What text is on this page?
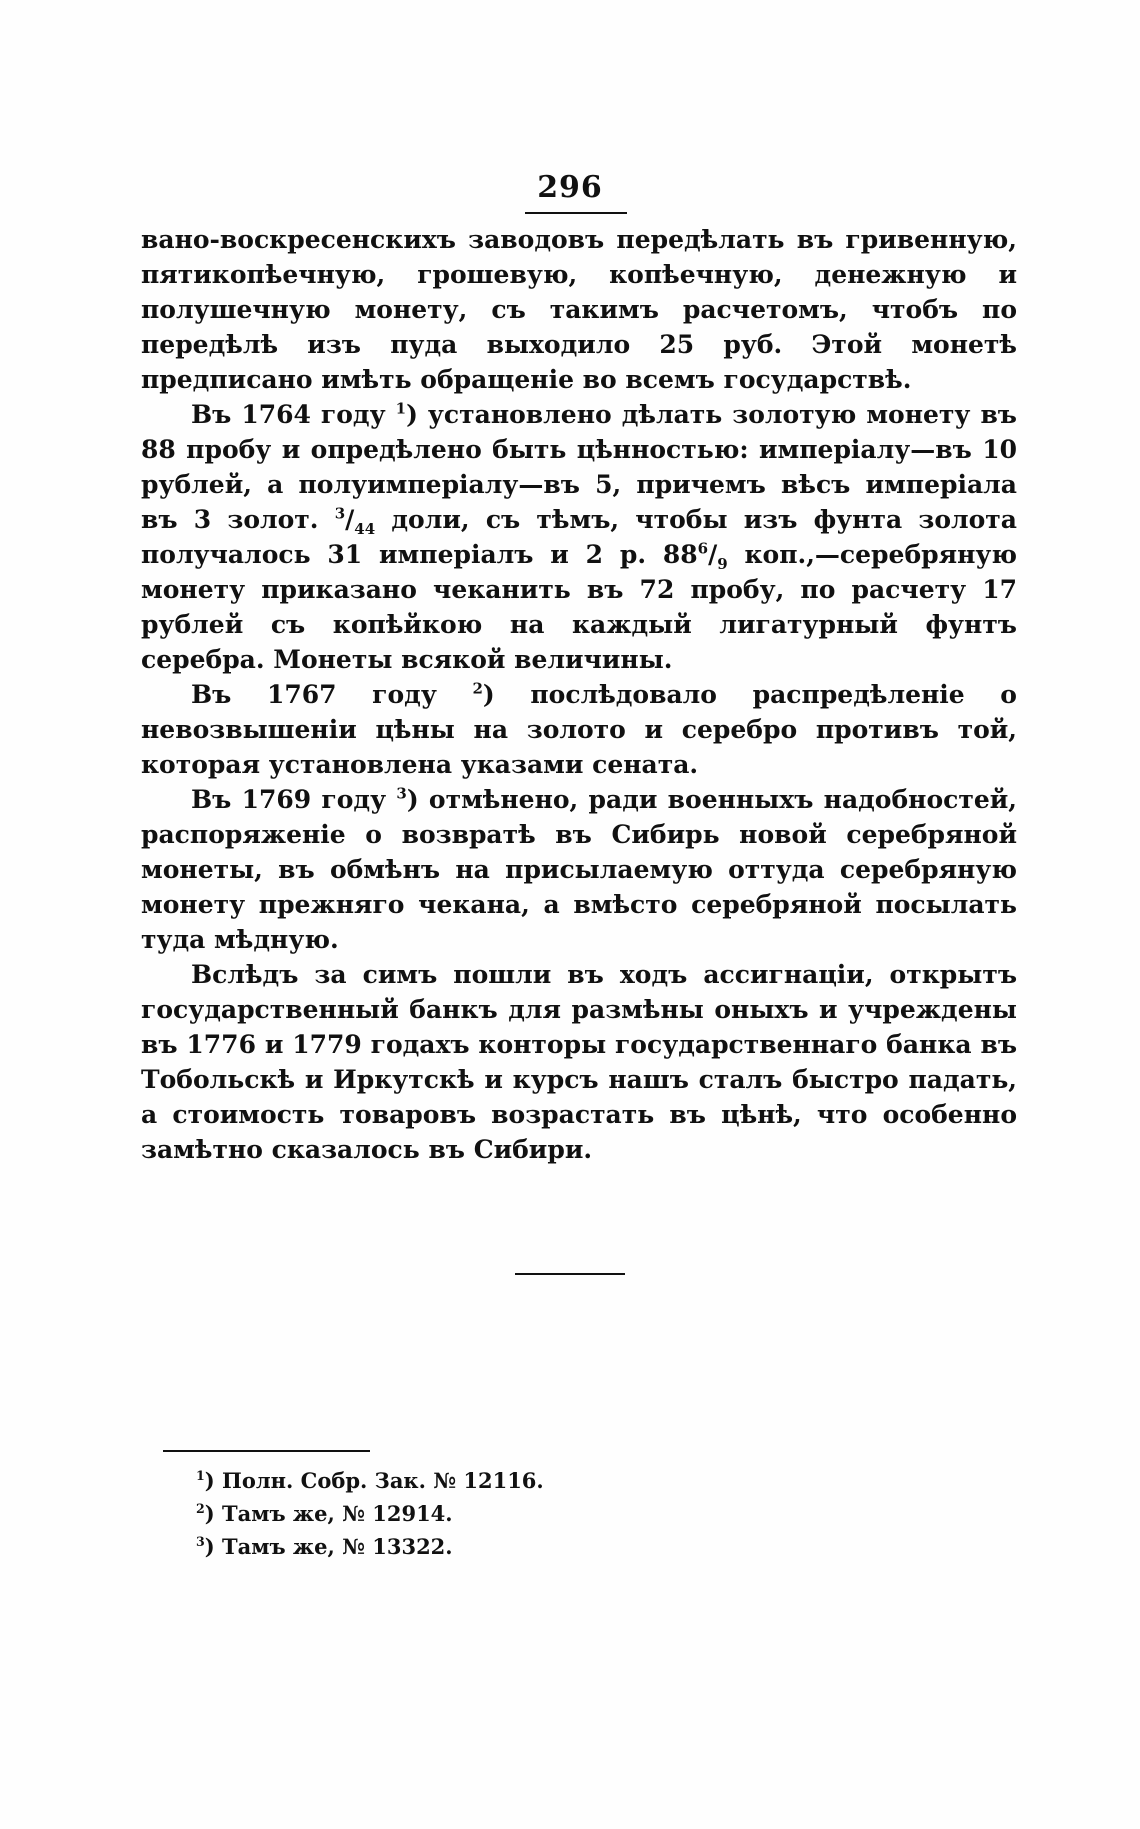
296

вано-воскресенскихъ заводовъ передѣлать въ гривенную, пятикопѣечную, грошевую, копѣечную, денежную и полушечную монету, съ такимъ расчетомъ, чтобъ по передѣлѣ изъ пуда выходило 25 руб. Этой монетѣ предписано имѣть обращеніе во всемъ государствѣ.

Въ 1764 году $^1$) установлено дѣлать золотую монету въ 88 пробу и опредѣлено быть цѣнностью: имперіалу—въ 10 рублей, а полуимперіалу—въ 5, причемъ вѣсъ имперіала въ 3 золот. $^3/_{44}$ доли, съ тѣмъ, чтобы изъ фунта золота получалось 31 имперіалъ и 2 р. $88^6/_9$ коп.,—серебряную монету приказано чеканить въ 72 пробу, по расчету 17 рублей съ копѣйкою на каждый лигатурный фунтъ серебра. Монеты всякой величины.

Въ 1767 году $^2$) послѣдовало распредѣленіе о невозвышеніи цѣны на золото и серебро противъ той, которая установлена указами сената.

Въ 1769 году $^3$) отмѣнено, ради военныхъ надобностей, распоряженіе о возвратѣ въ Сибирь новой серебряной монеты, въ обмѣнъ на присылаемую оттуда серебряную монету прежняго чекана, а вмѣсто серебряной посылать туда мѣдную.

Вслѣдъ за симъ пошли въ ходъ ассигнаціи, открытъ государственный банкъ для размѣны оныхъ и учреждены въ 1776 и 1779 годахъ конторы государственнаго банка въ Тобольскѣ и Иркутскѣ и курсъ нашъ сталъ быстро падать, а стоимость товаровъ возрастать въ цѣнѣ, что особенно замѣтно сказалось въ Сибири.

$^1$) Полн. Собр. Зак. № 12116.

$^2$) Тамъ же, № 12914.

$^3$) Тамъ же, № 13322.
